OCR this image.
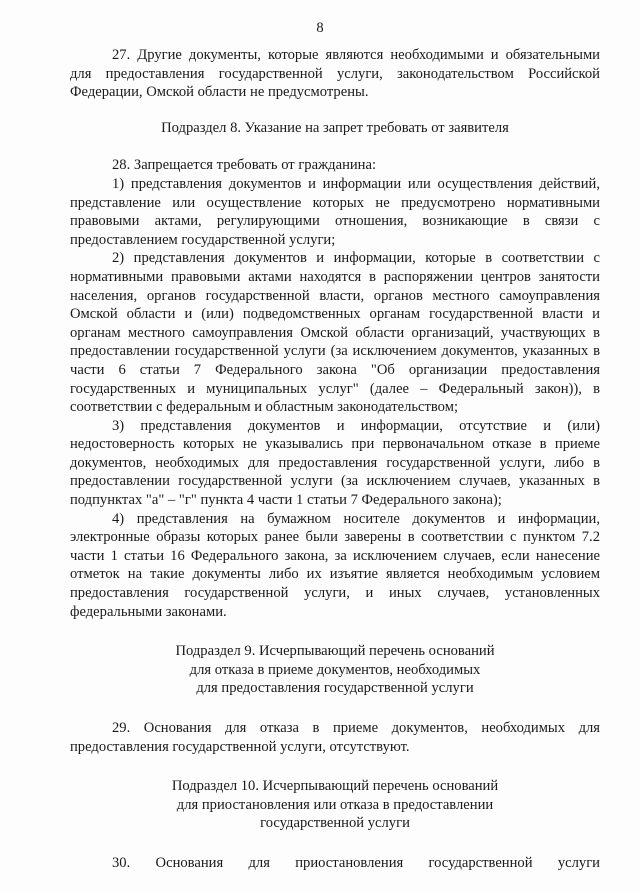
8

27. Другие документы, которые являются необходимыми и обязательными для предоставления государственной услуги, законодательством Российской Федерации, Омской области не предусмотрены.

Подраздел 8. Указание на запрет требовать от заявителя

28. Запрещается требовать от гражданина:

1) представления документов и информации или осуществления действий, представление или осуществление которых не предусмотрено нормативными правовыми актами, регулирующими отношения, возникающие в связи с предоставлением государственной услуги;

2) представления документов и информации, которые в соответствии с нормативными правовыми актами находятся в распоряжении центров занятости населения, органов государственной власти, органов местного самоуправления Омской области и (или) подведомственных органам государственной власти и органам местного самоуправления Омской области организаций, участвующих в предоставлении государственной услуги (за исключением документов, указанных в части 6 статьи 7 Федерального закона "Об организации предоставления государственных и муниципальных услуг" (далее – Федеральный закон)), в соответствии с федеральным и областным законодательством;

3) представления документов и информации, отсутствие и (или) недостоверность которых не указывались при первоначальном отказе в приеме документов, необходимых для предоставления государственной услуги, либо в предоставлении государственной услуги (за исключением случаев, указанных в подпунктах "а" – "г" пункта 4 части 1 статьи 7 Федерального закона);

4) представления на бумажном носителе документов и информации, электронные образы которых ранее были заверены в соответствии с пунктом 7.2 части 1 статьи 16 Федерального закона, за исключением случаев, если нанесение отметок на такие документы либо их изъятие является необходимым условием предоставления государственной услуги, и иных случаев, установленных федеральными законами.

Подраздел 9. Исчерпывающий перечень оснований
для отказа в приеме документов, необходимых
для предоставления государственной услуги

29. Основания для отказа в приеме документов, необходимых для предоставления государственной услуги, отсутствуют.

Подраздел 10. Исчерпывающий перечень оснований
для приостановления или отказа в предоставлении
государственной услуги

30. Основания для приостановления государственной услуги
